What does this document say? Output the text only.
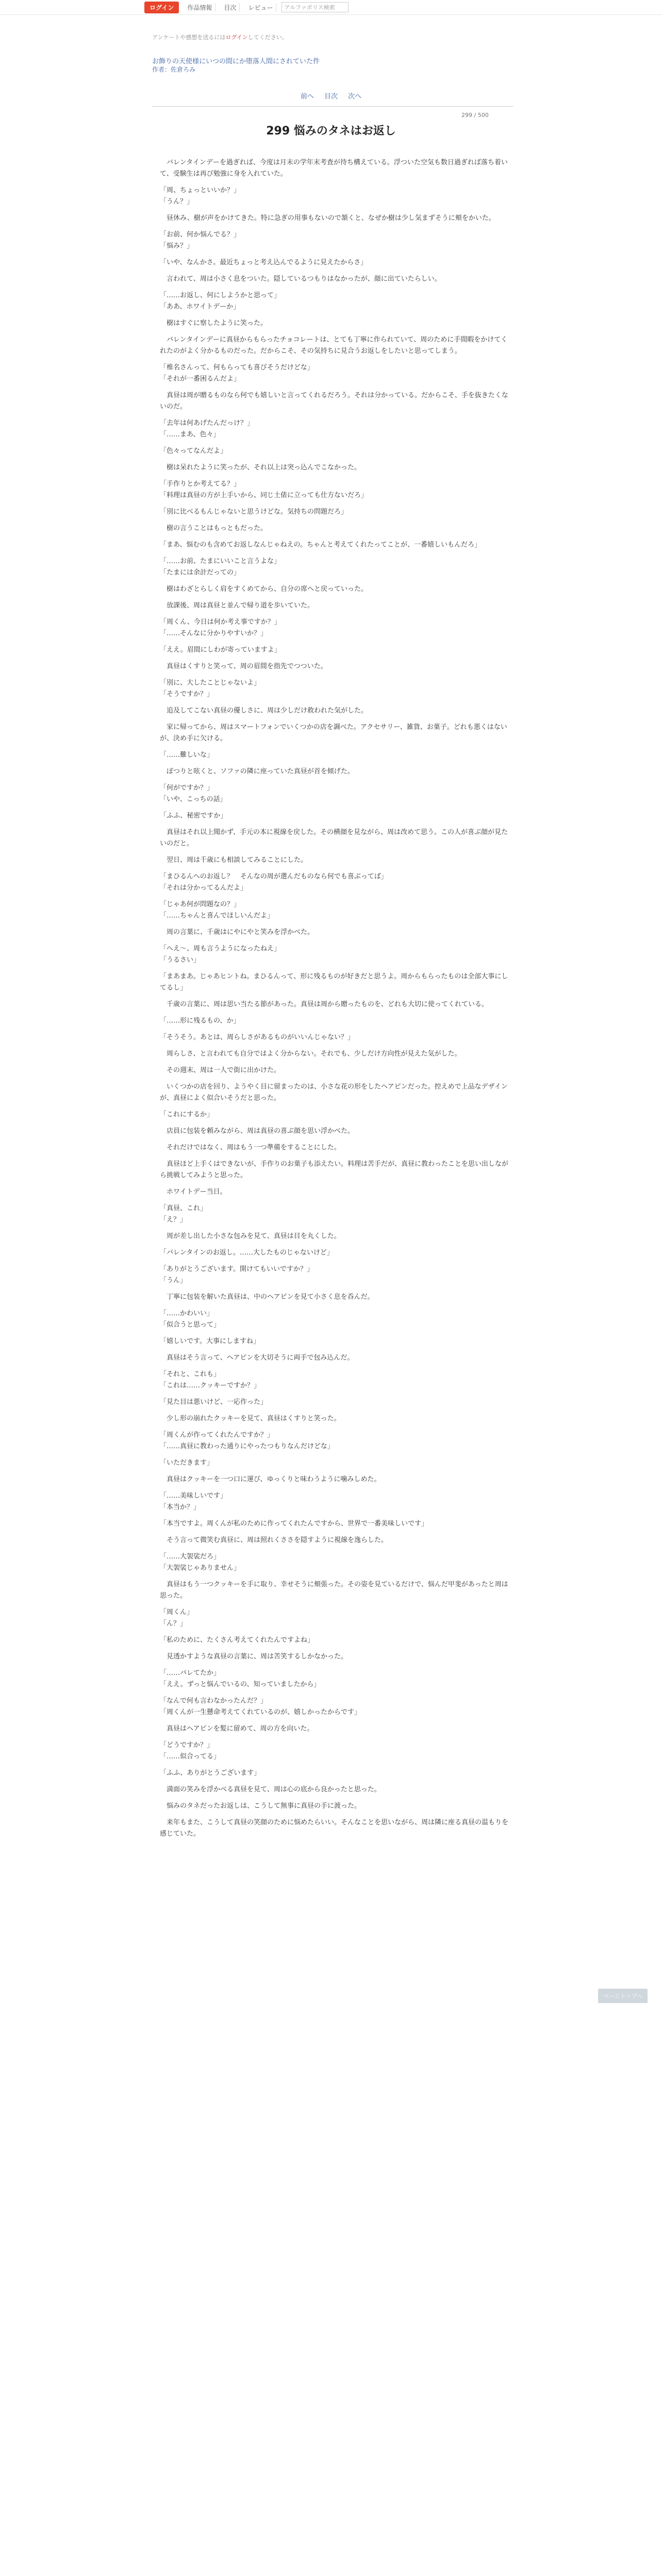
ログイン	作品情報	目次	レビュー	アルファポリス検索
アンケートや感想を送るにはログインしてください。
お飾りの天使様にいつの間にか堕落人間にされていた件
作者：佐倉ろみ
前へ 目次 次へ
299 / 500
299 悩みのタネはお返し

　バレンタインデーを過ぎれば、今度は月末の学年末考査が待ち構えている。浮ついた空気も数日過ぎれば落ち着いて、受験生は再び勉強に身を入れていた。

「周、ちょっといいか？」
「うん？」

　昼休み、樹が声をかけてきた。特に急ぎの用事もないので頷くと、なぜか樹は少し気まずそうに頬をかいた。

「お前、何か悩んでる？」
「悩み？」

「いや、なんかさ。最近ちょっと考え込んでるように見えたからさ」

　言われて、周は小さく息をついた。隠しているつもりはなかったが、顔に出ていたらしい。

「……お返し、何にしようかと思って」
「ああ、ホワイトデーか」

　樹はすぐに察したように笑った。

　バレンタインデーに真昼からもらったチョコレートは、とても丁寧に作られていて、周のために手間暇をかけてくれたのがよく分かるものだった。だからこそ、その気持ちに見合うお返しをしたいと思ってしまう。

「椎名さんって、何もらっても喜びそうだけどな」
「それが一番困るんだよ」

　真昼は周が贈るものなら何でも嬉しいと言ってくれるだろう。それは分かっている。だからこそ、手を抜きたくないのだ。

「去年は何あげたんだっけ？」
「……まあ、色々」

「色々ってなんだよ」

　樹は呆れたように笑ったが、それ以上は突っ込んでこなかった。

「手作りとか考えてる？」
「料理は真昼の方が上手いから、同じ土俵に立っても仕方ないだろ」

「別に比べるもんじゃないと思うけどな。気持ちの問題だろ」

　樹の言うことはもっともだった。

「まあ、悩むのも含めてお返しなんじゃねえの。ちゃんと考えてくれたってことが、一番嬉しいもんだろ」

「……お前、たまにいいこと言うよな」
「たまには余計だっての」

　樹はわざとらしく肩をすくめてから、自分の席へと戻っていった。

　放課後、周は真昼と並んで帰り道を歩いていた。

「周くん、今日は何か考え事ですか？」
「……そんなに分かりやすいか？」

「ええ。眉間にしわが寄っていますよ」

　真昼はくすりと笑って、周の眉間を指先でつついた。

「別に、大したことじゃないよ」
「そうですか？」

　追及してこない真昼の優しさに、周は少しだけ救われた気がした。

　家に帰ってから、周はスマートフォンでいくつかの店を調べた。アクセサリー、雑貨、お菓子。どれも悪くはないが、決め手に欠ける。

「……難しいな」

　ぽつりと呟くと、ソファの隣に座っていた真昼が首を傾げた。

「何がですか？」
「いや、こっちの話」

「ふふ、秘密ですか」

　真昼はそれ以上聞かず、手元の本に視線を戻した。その横顔を見ながら、周は改めて思う。この人が喜ぶ顔が見たいのだと。

　翌日、周は千歳にも相談してみることにした。

「まひるんへのお返し？　そんなの周が選んだものなら何でも喜ぶってば」
「それは分かってるんだよ」

「じゃあ何が問題なの？」
「……ちゃんと喜んでほしいんだよ」

　周の言葉に、千歳はにやにやと笑みを浮かべた。

「へえ〜、周も言うようになったねえ」
「うるさい」

「まあまあ。じゃあヒントね。まひるんって、形に残るものが好きだと思うよ。周からもらったものは全部大事にしてるし」

　千歳の言葉に、周は思い当たる節があった。真昼は周から贈ったものを、どれも大切に使ってくれている。

「……形に残るもの、か」

「そうそう。あとは、周らしさがあるものがいいんじゃない？」

　周らしさ、と言われても自分ではよく分からない。それでも、少しだけ方向性が見えた気がした。

　その週末、周は一人で街に出かけた。

　いくつかの店を回り、ようやく目に留まったのは、小さな花の形をしたヘアピンだった。控えめで上品なデザインが、真昼によく似合いそうだと思った。

「これにするか」

　店員に包装を頼みながら、周は真昼の喜ぶ顔を思い浮かべた。

　それだけではなく、周はもう一つ準備をすることにした。

　真昼ほど上手くはできないが、手作りのお菓子も添えたい。料理は苦手だが、真昼に教わったことを思い出しながら挑戦してみようと思った。

　ホワイトデー当日。

「真昼、これ」
「え？」

　周が差し出した小さな包みを見て、真昼は目を丸くした。

「バレンタインのお返し。……大したものじゃないけど」

「ありがとうございます。開けてもいいですか？」
「うん」

　丁寧に包装を解いた真昼は、中のヘアピンを見て小さく息を呑んだ。

「……かわいい」
「似合うと思って」

「嬉しいです。大事にしますね」

　真昼はそう言って、ヘアピンを大切そうに両手で包み込んだ。

「それと、これも」
「これは……クッキーですか？」

「見た目は悪いけど、一応作った」

　少し形の崩れたクッキーを見て、真昼はくすりと笑った。

「周くんが作ってくれたんですか？」
「……真昼に教わった通りにやったつもりなんだけどな」

「いただきます」

　真昼はクッキーを一つ口に運び、ゆっくりと味わうように噛みしめた。

「……美味しいです」
「本当か？」

「本当ですよ。周くんが私のために作ってくれたんですから、世界で一番美味しいです」

　そう言って微笑む真昼に、周は照れくささを隠すように視線を逸らした。

「……大袈裟だろ」
「大袈裟じゃありません」

　真昼はもう一つクッキーを手に取り、幸せそうに頬張った。その姿を見ているだけで、悩んだ甲斐があったと周は思った。

「周くん」
「ん？」

「私のために、たくさん考えてくれたんですよね」

　見透かすような真昼の言葉に、周は苦笑するしかなかった。

「……バレてたか」
「ええ。ずっと悩んでいるの、知っていましたから」

「なんで何も言わなかったんだ？」
「周くんが一生懸命考えてくれているのが、嬉しかったからです」

　真昼はヘアピンを髪に留めて、周の方を向いた。

「どうですか？」
「……似合ってる」

「ふふ、ありがとうございます」

　満面の笑みを浮かべる真昼を見て、周は心の底から良かったと思った。

　悩みのタネだったお返しは、こうして無事に真昼の手に渡った。

　来年もまた、こうして真昼の笑顔のために悩めたらいい。そんなことを思いながら、周は隣に座る真昼の温もりを感じていた。

ページトップへ
